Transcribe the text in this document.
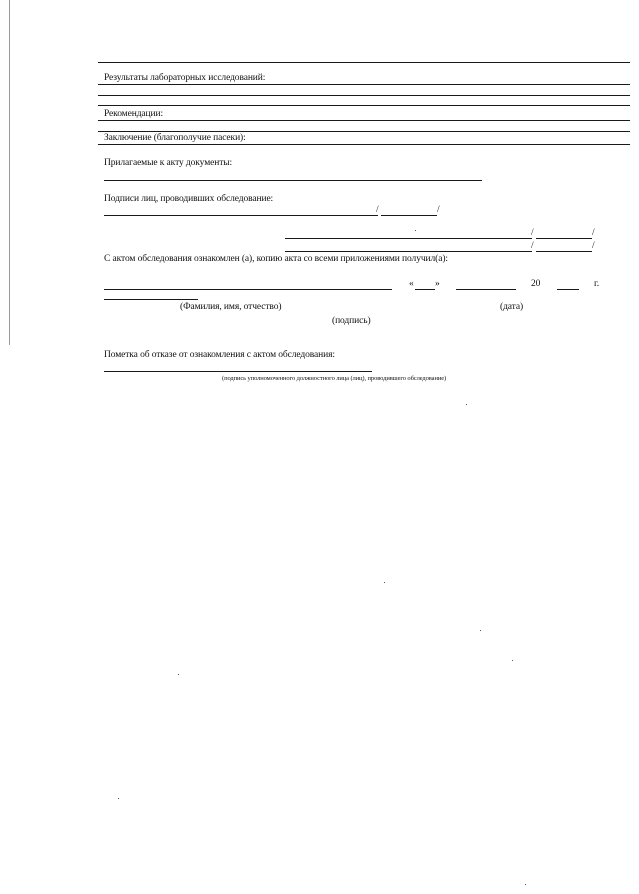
Результаты лабораторных исследований:
Рекомендации:
Заключение (благополучие пасеки):
Прилагаемые к акту документы:
Подписи лиц, проводивших обследование:
/	/
/	/
/	/
С актом обследования ознакомлен (а), копию акта со всеми приложениями получил(а):
« »	20	г.
(Фамилия, имя, отчество)	(дата)
(подпись)
Пометка об отказе от ознакомления с актом обследования:
(подпись уполномоченного должностного лица (лиц), проводившего обследование)
